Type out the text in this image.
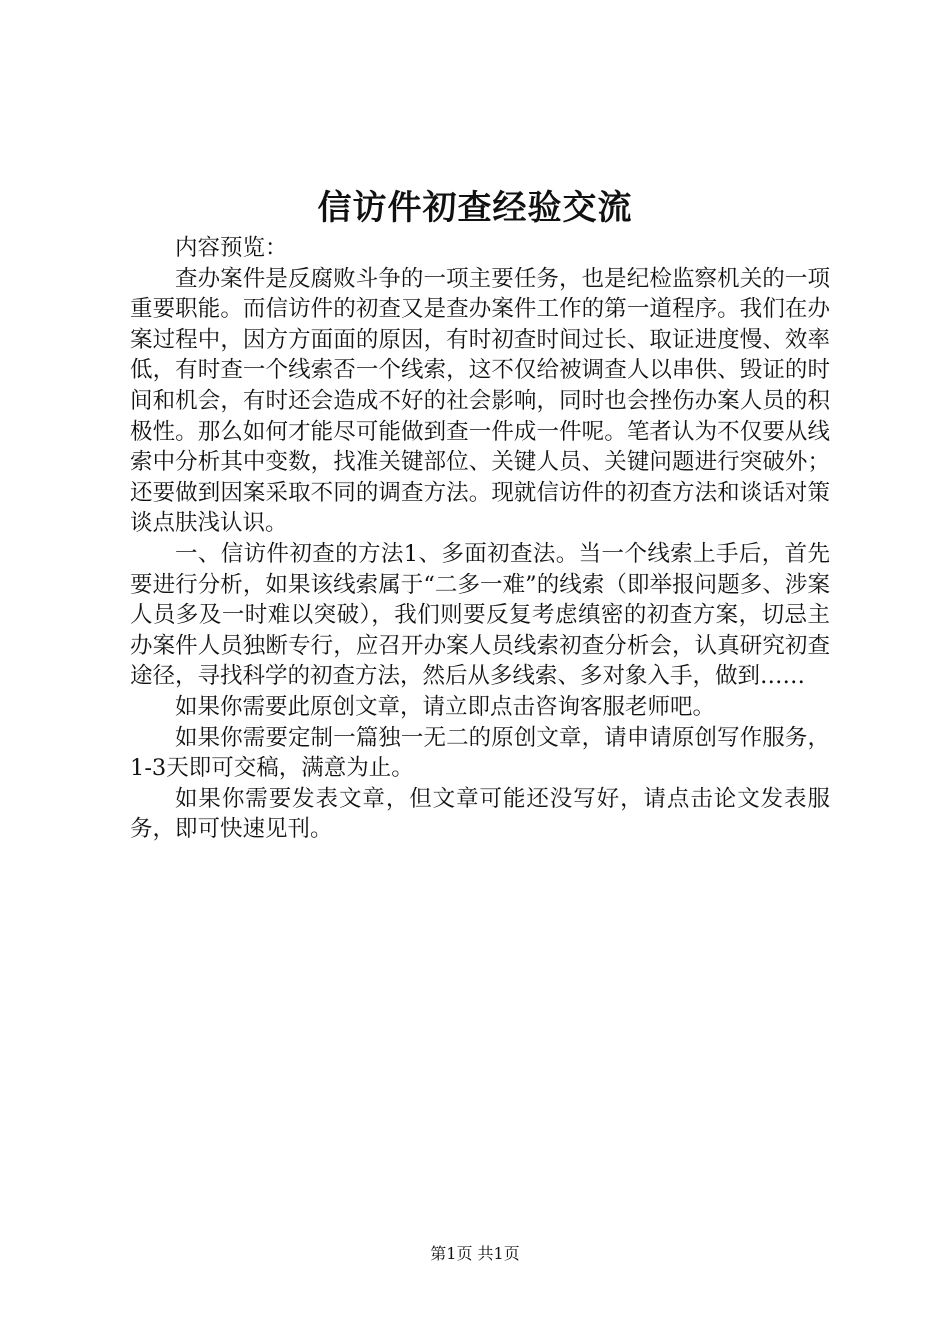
信访件初查经验交流

内容预览：

查办案件是反腐败斗争的一项主要任务，也是纪检监察机关的一项重要职能。而信访件的初查又是查办案件工作的第一道程序。我们在办案过程中，因方方面面的原因，有时初查时间过长、取证进度慢、效率低，有时查一个线索否一个线索，这不仅给被调查人以串供、毁证的时间和机会，有时还会造成不好的社会影响，同时也会挫伤办案人员的积极性。那么如何才能尽可能做到查一件成一件呢。笔者认为不仅要从线索中分析其中变数，找准关键部位、关键人员、关键问题进行突破外；还要做到因案采取不同的调查方法。现就信访件的初查方法和谈话对策谈点肤浅认识。

一、信访件初查的方法1、多面初查法。当一个线索上手后，首先要进行分析，如果该线索属于“二多一难”的线索（即举报问题多、涉案人员多及一时难以突破），我们则要反复考虑缜密的初查方案，切忌主办案件人员独断专行，应召开办案人员线索初查分析会，认真研究初查途径，寻找科学的初查方法，然后从多线索、多对象入手，做到……

如果你需要此原创文章，请立即点击咨询客服老师吧。

如果你需要定制一篇独一无二的原创文章，请申请原创写作服务，1-3天即可交稿，满意为止。

如果你需要发表文章，但文章可能还没写好，请点击论文发表服务，即可快速见刊。

第1页 共1页
